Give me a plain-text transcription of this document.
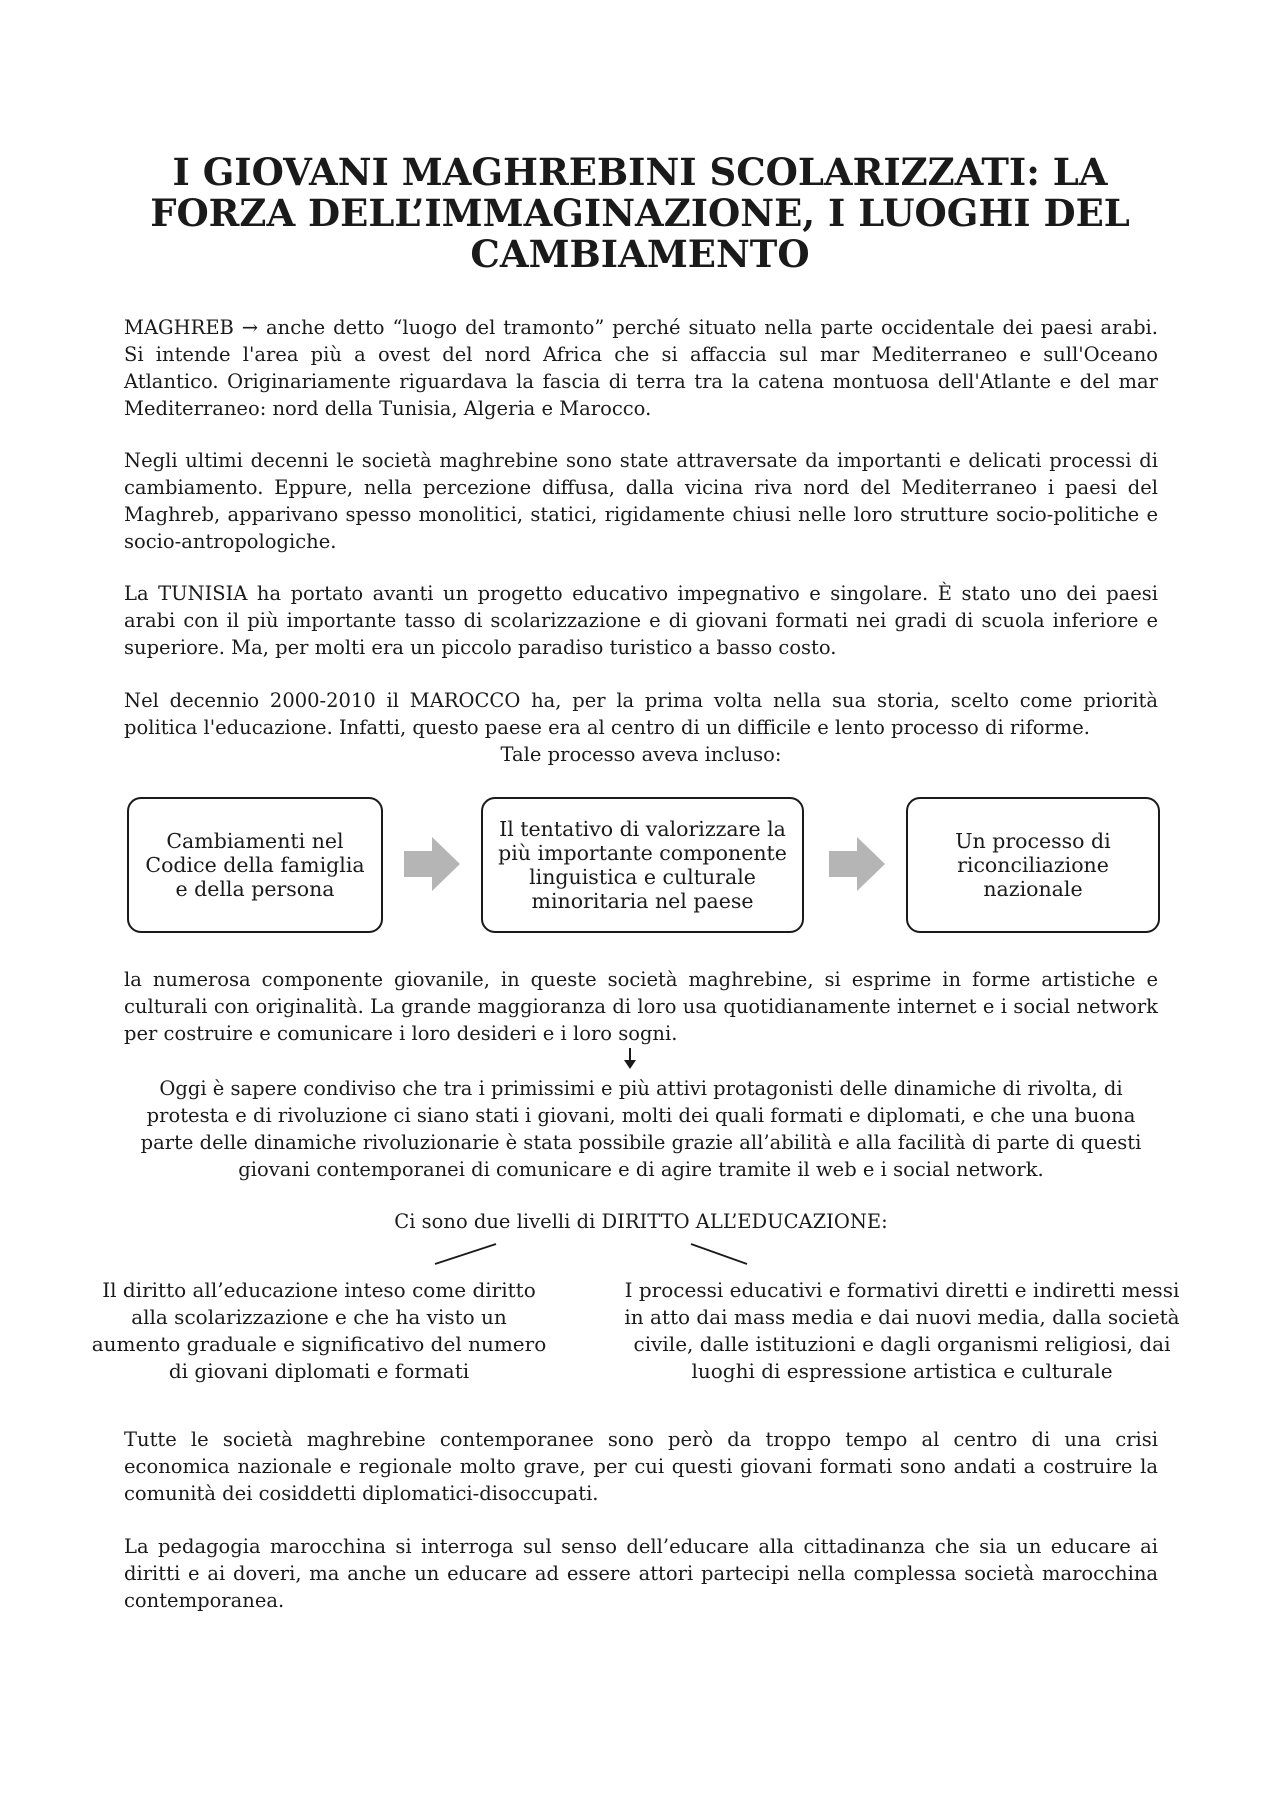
I GIOVANI MAGHREBINI SCOLARIZZATI: LA FORZA DELL’IMMAGINAZIONE, I LUOGHI DEL CAMBIAMENTO

MAGHREB → anche detto “luogo del tramonto” perché situato nella parte occidentale dei paesi arabi. Si intende l'area più a ovest del nord Africa che si affaccia sul mar Mediterraneo e sull'Oceano Atlantico. Originariamente riguardava la fascia di terra tra la catena montuosa dell'Atlante e del mar Mediterraneo: nord della Tunisia, Algeria e Marocco.

Negli ultimi decenni le società maghrebine sono state attraversate da importanti e delicati processi di cambiamento. Eppure, nella percezione diffusa, dalla vicina riva nord del Mediterraneo i paesi del Maghreb, apparivano spesso monolitici, statici, rigidamente chiusi nelle loro strutture socio-politiche e socio-antropologiche.

La TUNISIA ha portato avanti un progetto educativo impegnativo e singolare. È stato uno dei paesi arabi con il più importante tasso di scolarizzazione e di giovani formati nei gradi di scuola inferiore e superiore. Ma, per molti era un piccolo paradiso turistico a basso costo.

Nel decennio 2000-2010 il MAROCCO ha, per la prima volta nella sua storia, scelto come priorità politica l'educazione. Infatti, questo paese era al centro di un difficile e lento processo di riforme.

Tale processo aveva incluso:

Cambiamenti nel
Codice della famiglia
e della persona
Il tentativo di valorizzare la
più importante componente
linguistica e culturale
minoritaria nel paese
Un processo di
riconciliazione
nazionale

la numerosa componente giovanile, in queste società maghrebine, si esprime in forme artistiche e culturali con originalità. La grande maggioranza di loro usa quotidianamente internet e i social network per costruire e comunicare i loro desideri e i loro sogni.

Oggi è sapere condiviso che tra i primissimi e più attivi protagonisti delle dinamiche di rivolta, di protesta e di rivoluzione ci siano stati i giovani, molti dei quali formati e diplomati, e che una buona parte delle dinamiche rivoluzionarie è stata possibile grazie all’abilità e alla facilità di parte di questi giovani contemporanei di comunicare e di agire tramite il web e i social network.

Ci sono due livelli di DIRITTO ALL’EDUCAZIONE:

Il diritto all’educazione inteso come diritto alla scolarizzazione e che ha visto un aumento graduale e significativo del numero di giovani diplomati e formati

I processi educativi e formativi diretti e indiretti messi in atto dai mass media e dai nuovi media, dalla società civile, dalle istituzioni e dagli organismi religiosi, dai luoghi di espressione artistica e culturale

Tutte le società maghrebine contemporanee sono però da troppo tempo al centro di una crisi economica nazionale e regionale molto grave, per cui questi giovani formati sono andati a costruire la comunità dei cosiddetti diplomatici-disoccupati.

La pedagogia marocchina si interroga sul senso dell’educare alla cittadinanza che sia un educare ai diritti e ai doveri, ma anche un educare ad essere attori partecipi nella complessa società marocchina contemporanea.
